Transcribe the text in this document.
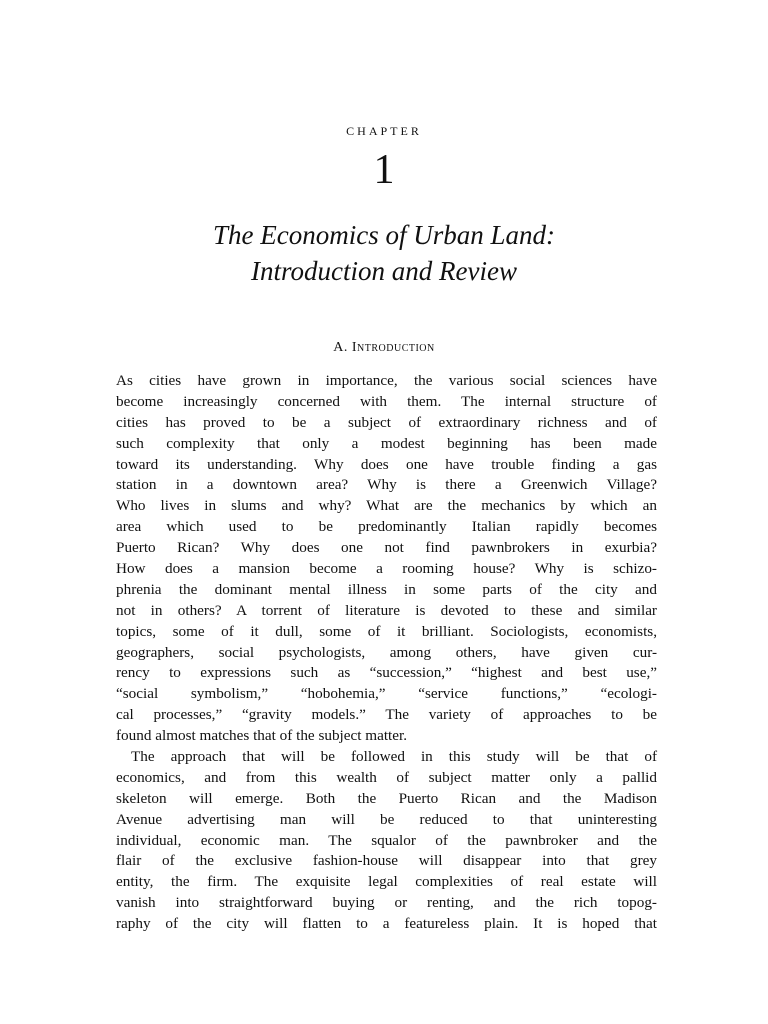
CHAPTER
1
The Economics of Urban Land:
Introduction and Review
A. Introduction
As cities have grown in importance, the various social sciences have
become increasingly concerned with them. The internal structure of
cities has proved to be a subject of extraordinary richness and of
such complexity that only a modest beginning has been made
toward its understanding. Why does one have trouble finding a gas
station in a downtown area? Why is there a Greenwich Village?
Who lives in slums and why? What are the mechanics by which an
area which used to be predominantly Italian rapidly becomes
Puerto Rican? Why does one not find pawnbrokers in exurbia?
How does a mansion become a rooming house? Why is schizo-
phrenia the dominant mental illness in some parts of the city and
not in others? A torrent of literature is devoted to these and similar
topics, some of it dull, some of it brilliant. Sociologists, economists,
geographers, social psychologists, among others, have given cur-
rency to expressions such as “succession,” “highest and best use,”
“social symbolism,” “hobohemia,” “service functions,” “ecologi-
cal processes,” “gravity models.” The variety of approaches to be
found almost matches that of the subject matter.
The approach that will be followed in this study will be that of
economics, and from this wealth of subject matter only a pallid
skeleton will emerge. Both the Puerto Rican and the Madison
Avenue advertising man will be reduced to that uninteresting
individual, economic man. The squalor of the pawnbroker and the
flair of the exclusive fashion-house will disappear into that grey
entity, the firm. The exquisite legal complexities of real estate will
vanish into straightforward buying or renting, and the rich topog-
raphy of the city will flatten to a featureless plain. It is hoped that
